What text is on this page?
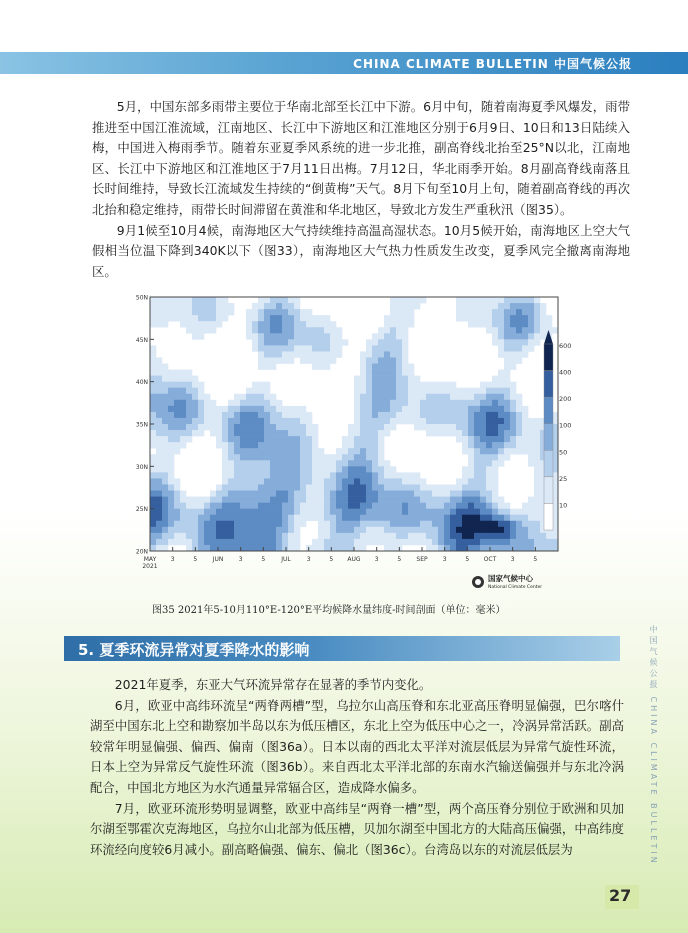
CHINA CLIMATE BULLETIN 中国气候公报

5月，中国东部多雨带主要位于华南北部至长江中下游。6月中旬，随着南海夏季风爆发，雨带推进至中国江淮流域，江南地区、长江中下游地区和江淮地区分别于6月9日、10日和13日陆续入梅，中国进入梅雨季节。随着东亚夏季风系统的进一步北推，副高脊线北抬至25°N以北，江南地区、长江中下游地区和江淮地区于7月11日出梅。7月12日，华北雨季开始。8月副高脊线南落且长时间维持，导致长江流域发生持续的“倒黄梅”天气。8月下旬至10月上旬，随着副高脊线的再次北抬和稳定维持，雨带长时间滞留在黄淮和华北地区，导致北方发生严重秋汛（图35）。

9月1候至10月4候，南海地区大气持续维持高温高湿状态。10月5候开始，南海地区上空大气假相当位温下降到340K以下（图33），南海地区大气热力性质发生改变，夏季风完全撤离南海地区。

50N
45N
40N
35N
30N
25N
20N
MAY
2021
3	5	JUN	3	5	JUL	3	5 AUG 3	5	SEP	3	5 OCT 3	5
10
25
50
100
200
400
600
国家气候中心
National Climate Center
图35 2021年5-10月110°E-120°E平均候降水量纬度-时间剖面（单位：毫米）
5. 夏季环流异常对夏季降水的影响

2021年夏季，东亚大气环流异常存在显著的季节内变化。

6月，欧亚中高纬环流呈“两脊两槽”型，乌拉尔山高压脊和东北亚高压脊明显偏强，巴尔喀什湖至中国东北上空和勘察加半岛以东为低压槽区，东北上空为低压中心之一，冷涡异常活跃。副高较常年明显偏强、偏西、偏南（图36a）。日本以南的西北太平洋对流层低层为异常气旋性环流，日本上空为异常反气旋性环流（图36b）。来自西北太平洋北部的东南水汽输送偏强并与东北冷涡配合，中国北方地区为水汽通量异常辐合区，造成降水偏多。

7月，欧亚环流形势明显调整，欧亚中高纬呈“两脊一槽”型，两个高压脊分别位于欧洲和贝加尔湖至鄂霍次克海地区，乌拉尔山北部为低压槽，贝加尔湖至中国北方的大陆高压偏强，中高纬度环流经向度较6月减小。副高略偏强、偏东、偏北（图36c）。台湾岛以东的对流层低层为	中国气候公报 CHINA CLIMATE BULLETIN
27
